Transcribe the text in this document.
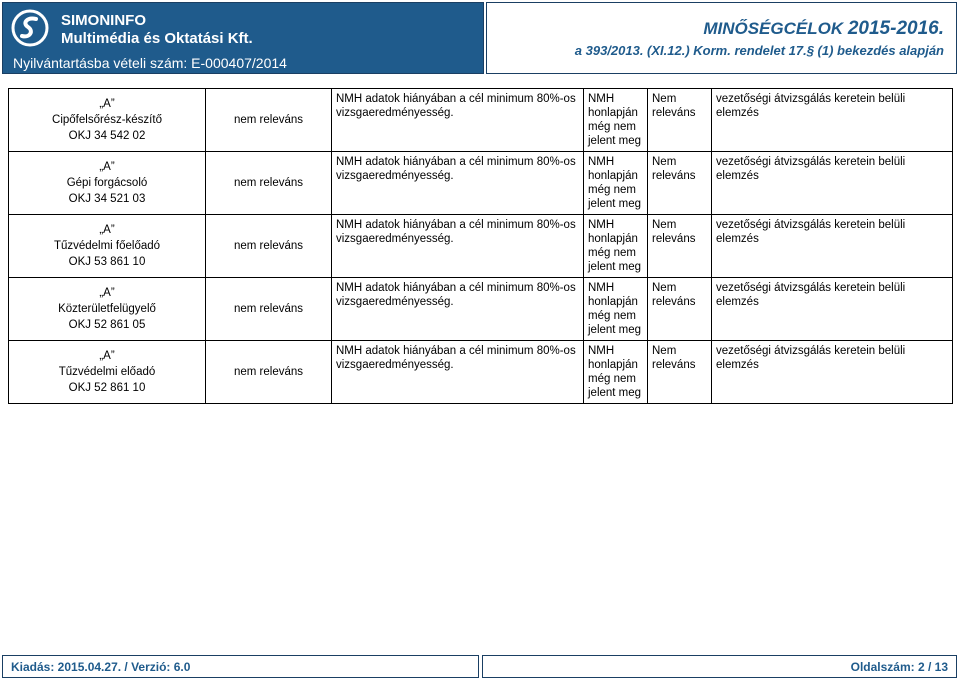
SIMONINFO
Multimédia és Oktatási Kft.
Nyilvántartásba vételi szám: E-000407/2014
MINŐSÉGCÉLOK 2015-2016.
a 393/2013. (XI.12.) Korm. rendelet 17.§ (1) bekezdés alapján
„A”
Cipőfelsőrész-készítő
OKJ 34 542 02	nem releváns	NMH adatok hiányában a cél minimum 80%-os vizsgaeredményesség.	NMH honlapján még nem jelent meg	Nem releváns	vezetőségi átvizsgálás keretein belüli elemzés

„A”
Gépi forgácsoló
OKJ 34 521 03	nem releváns	NMH adatok hiányában a cél minimum 80%-os vizsgaeredményesség.	NMH honlapján még nem jelent meg	Nem releváns	vezetőségi átvizsgálás keretein belüli elemzés

„A”
Tűzvédelmi főelőadó
OKJ 53 861 10	nem releváns	NMH adatok hiányában a cél minimum 80%-os vizsgaeredményesség.	NMH honlapján még nem jelent meg	Nem releváns	vezetőségi átvizsgálás keretein belüli elemzés

„A”
Közterületfelügyelő
OKJ 52 861 05	nem releváns	NMH adatok hiányában a cél minimum 80%-os vizsgaeredményesség.	NMH honlapján még nem jelent meg	Nem releváns	vezetőségi átvizsgálás keretein belüli elemzés

„A”
Tűzvédelmi előadó
OKJ 52 861 10	nem releváns	NMH adatok hiányában a cél minimum 80%-os vizsgaeredményesség.	NMH honlapján még nem jelent meg	Nem releváns	vezetőségi átvizsgálás keretein belüli elemzés
Kiadás: 2015.04.27. / Verzió: 6.0	Oldalszám: 2 / 13
